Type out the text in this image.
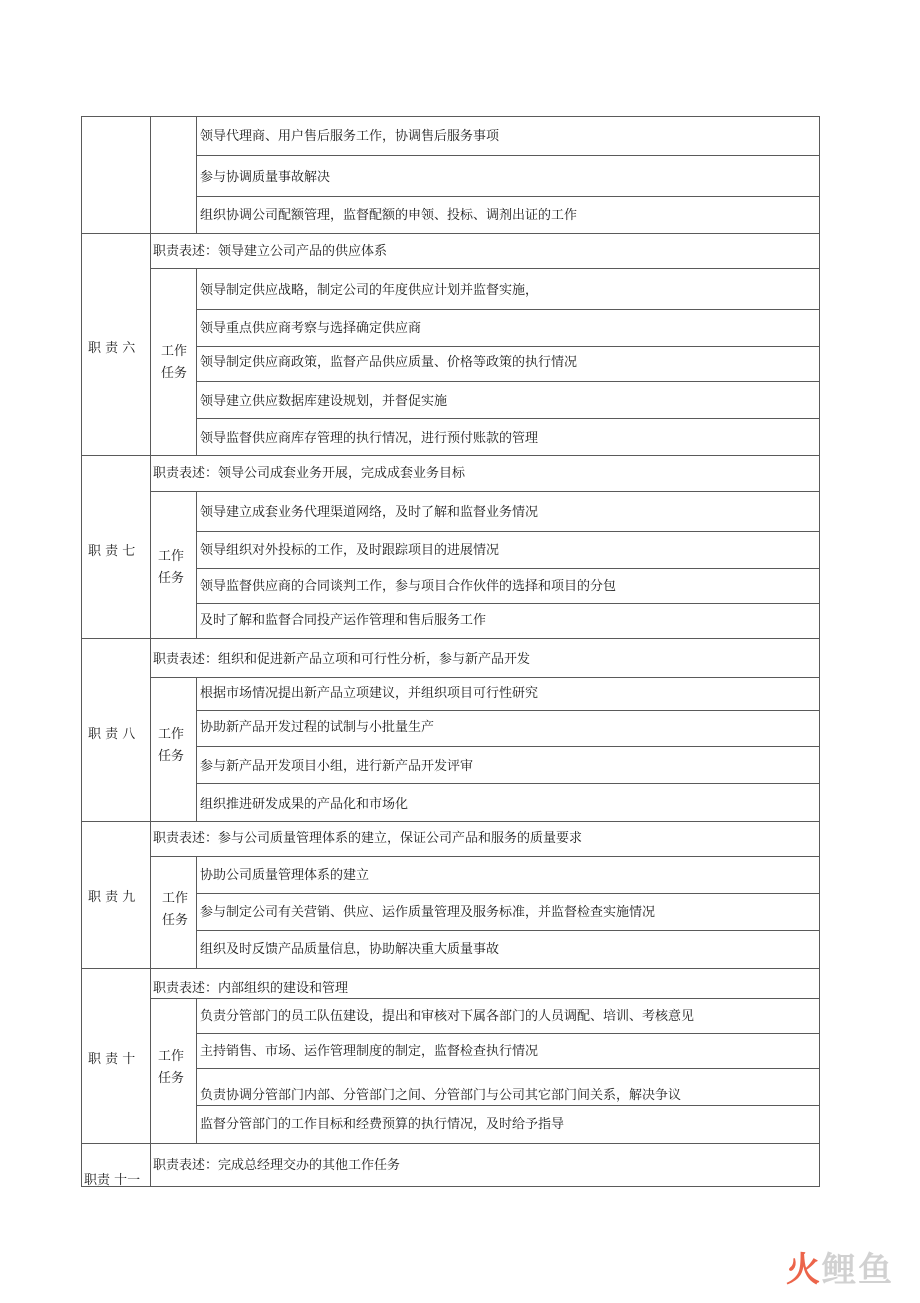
领导代理商、用户售后服务工作，协调售后服务事项
参与协调质量事故解决
组织协调公司配额管理，监督配额的申领、投标、调剂出证的工作
职 责 六
职责表述：领导建立公司产品的供应体系
工作
任务
领导制定供应战略，制定公司的年度供应计划并监督实施，
领导重点供应商考察与选择确定供应商
领导制定供应商政策，监督产品供应质量、价格等政策的执行情况
领导建立供应数据库建设规划，并督促实施
领导监督供应商库存管理的执行情况，进行预付账款的管理
职 责 七
职责表述：领导公司成套业务开展，完成成套业务目标
工作
任务
领导建立成套业务代理渠道网络，及时了解和监督业务情况
领导组织对外投标的工作，及时跟踪项目的进展情况
领导监督供应商的合同谈判工作，参与项目合作伙伴的选择和项目的分包
及时了解和监督合同投产运作管理和售后服务工作
职 责 八
职责表述：组织和促进新产品立项和可行性分析，参与新产品开发
工作
任务
根据市场情况提出新产品立项建议，并组织项目可行性研究
协助新产品开发过程的试制与小批量生产
参与新产品开发项目小组，进行新产品开发评审
组织推进研发成果的产品化和市场化
职 责 九
职责表述：参与公司质量管理体系的建立，保证公司产品和服务的质量要求
工作
任务
协助公司质量管理体系的建立
参与制定公司有关营销、供应、运作质量管理及服务标准，并监督检查实施情况
组织及时反馈产品质量信息，协助解决重大质量事故
职 责 十
职责表述：内部组织的建设和管理
工作
任务
负责分管部门的员工队伍建设，提出和审核对下属各部门的人员调配、培训、考核意见
主持销售、市场、运作管理制度的制定，监督检查执行情况
负责协调分管部门内部、分管部门之间、分管部门与公司其它部门间关系，解决争议
监督分管部门的工作目标和经费预算的执行情况，及时给予指导
职责 十一
职责表述：完成总经理交办的其他工作任务
火鲤鱼
